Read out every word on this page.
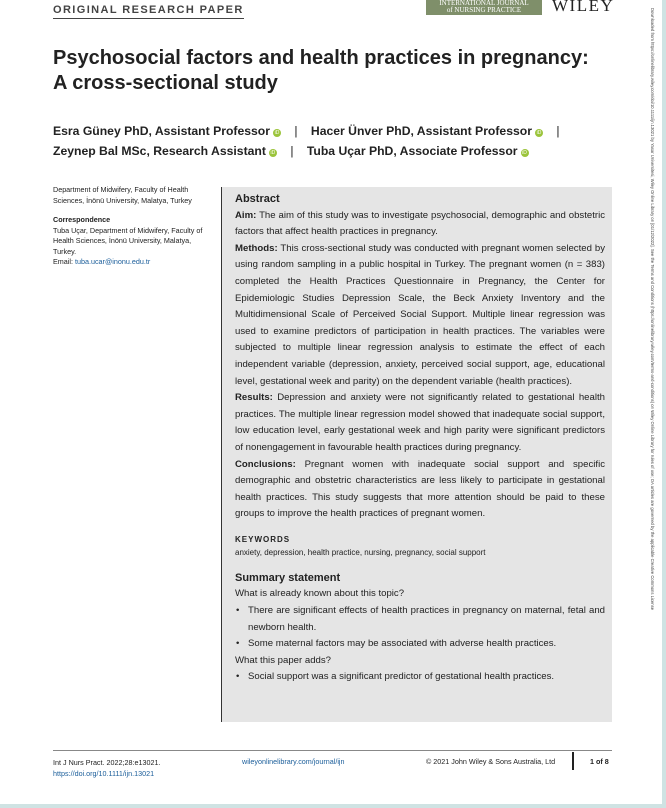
ORIGINAL RESEARCH PAPER
INTERNATIONAL JOURNAL
of NURSING PRACTICE	WILEY
Psychosocial factors and health practices in pregnancy:
A cross-sectional study
Esra Güney PhD, Assistant Professor iD | Hacer Ünver PhD, Assistant Professor iD |
Zeynep Bal MSc, Research Assistant iD | Tuba Uçar PhD, Associate Professor iD

Department of Midwifery, Faculty of Health Sciences, İnönü University, Malatya, Turkey

Correspondence

Tuba Uçar, Department of Midwifery, Faculty of Health Sciences, İnönü University, Malatya, Turkey.

Email: tuba.ucar@inonu.edu.tr
Abstract

Aim: The aim of this study was to investigate psychosocial, demographic and obstetric factors that affect health practices in pregnancy.

Methods: This cross-sectional study was conducted with pregnant women selected by using random sampling in a public hospital in Turkey. The pregnant women (n = 383) completed the Health Practices Questionnaire in Pregnancy, the Center for Epidemiologic Studies Depression Scale, the Beck Anxiety Inventory and the Multidimensional Scale of Perceived Social Support. Multiple linear regression was used to examine predictors of participation in health practices. The variables were subjected to multiple linear regression analysis to estimate the effect of each independent variable (depression, anxiety, perceived social support, age, educational level, gestational week and parity) on the dependent variable (health practices).

Results: Depression and anxiety were not significantly related to gestational health practices. The multiple linear regression model showed that inadequate social support, low education level, early gestational week and high parity were significant predictors of nonengagement in favourable health practices during pregnancy.

Conclusions: Pregnant women with inadequate social support and specific demographic and obstetric characteristics are less likely to participate in gestational health practices. This study suggests that more attention should be paid to these groups to improve the health practices of pregnant women.

KEYWORDS
anxiety, depression, health practice, nursing, pregnancy, social support
Summary statement
What is already known about this topic?
• There are significant effects of health practices in pregnancy on maternal, fetal and newborn health.
• Some maternal factors may be associated with adverse health practices.
What this paper adds?
• Social support was a significant predictor of gestational health practices.
Int J Nurs Pract. 2022;28:e13021.
https://doi.org/10.1111/ijn.13021
wileyonlinelibrary.com/journal/ijn	© 2021 John Wiley & Sons Australia, Ltd	1 of 8
Downloaded from https://onlinelibrary.wiley.com/doi/10.1111/ijn.13021 by Yasar Universitesi, Wiley Online Library on [01/12/2022]. See the Terms and Conditions (https://onlinelibrary.wiley.com/terms-and-conditions) on Wiley Online Library for rules of use; OA articles are governed by the applicable Creative Commons License
